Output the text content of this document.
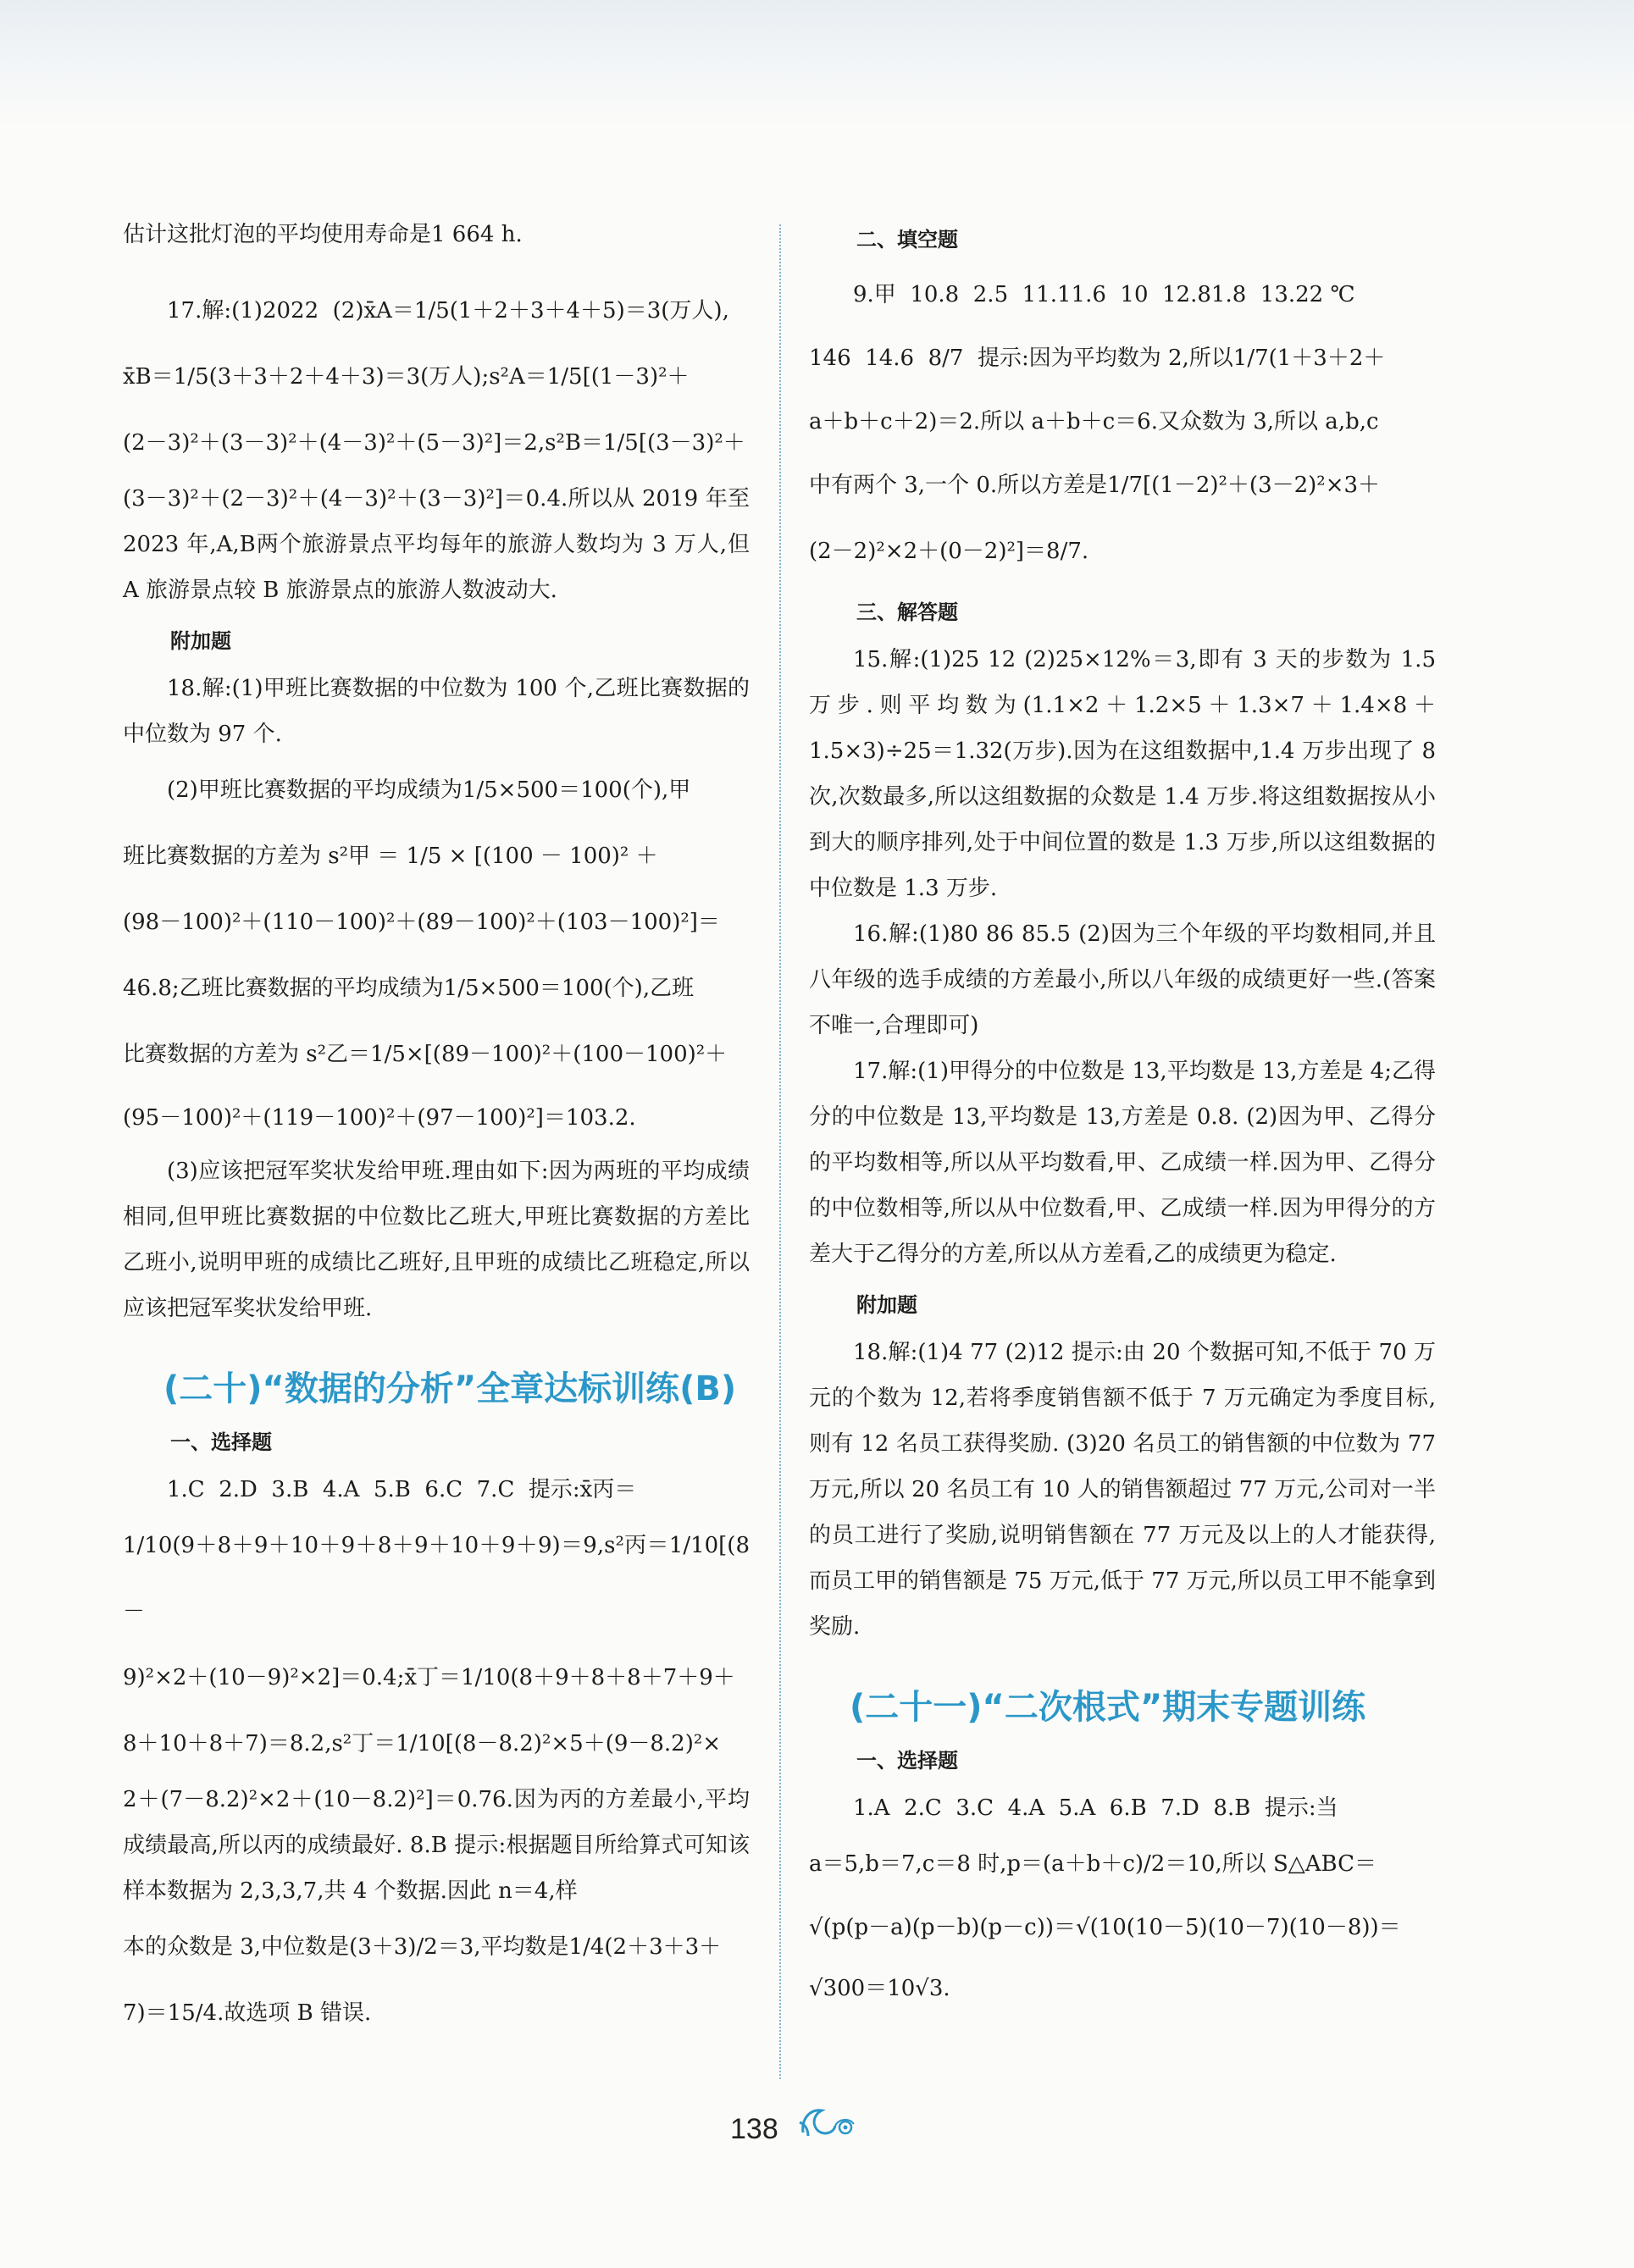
估计这批灯泡的平均使用寿命是1 664 h.

17.解:(1)2022  (2)x̄A＝1/5(1＋2＋3＋4＋5)＝3(万人),

x̄B＝1/5(3＋3＋2＋4＋3)＝3(万人);s²A＝1/5[(1－3)²＋

(2－3)²＋(3－3)²＋(4－3)²＋(5－3)²]＝2,s²B＝1/5[(3－3)²＋

(3－3)²＋(2－3)²＋(4－3)²＋(3－3)²]＝0.4.所以从 2019 年至 2023 年,A,B两个旅游景点平均每年的旅游人数均为 3 万人,但 A 旅游景点较 B 旅游景点的旅游人数波动大.

附加题

18.解:(1)甲班比赛数据的中位数为 100 个,乙班比赛数据的中位数为 97 个.

(2)甲班比赛数据的平均成绩为1/5×500＝100(个),甲

班比赛数据的方差为 s²甲 ＝ 1/5 × [(100 － 100)² ＋

(98－100)²＋(110－100)²＋(89－100)²＋(103－100)²]＝

46.8;乙班比赛数据的平均成绩为1/5×500＝100(个),乙班

比赛数据的方差为 s²乙＝1/5×[(89－100)²＋(100－100)²＋

(95－100)²＋(119－100)²＋(97－100)²]＝103.2.

(3)应该把冠军奖状发给甲班.理由如下:因为两班的平均成绩相同,但甲班比赛数据的中位数比乙班大,甲班比赛数据的方差比乙班小,说明甲班的成绩比乙班好,且甲班的成绩比乙班稳定,所以应该把冠军奖状发给甲班.

(二十)“数据的分析”全章达标训练(B)
一、选择题

1.C  2.D  3.B  4.A  5.B  6.C  7.C  提示:x̄丙＝

1/10(9＋8＋9＋10＋9＋8＋9＋10＋9＋9)＝9,s²丙＝1/10[(8－

9)²×2＋(10－9)²×2]＝0.4;x̄丁＝1/10(8＋9＋8＋8＋7＋9＋

8＋10＋8＋7)＝8.2,s²丁＝1/10[(8－8.2)²×5＋(9－8.2)²×

2＋(7－8.2)²×2＋(10－8.2)²]＝0.76.因为丙的方差最小,平均成绩最高,所以丙的成绩最好. 8.B 提示:根据题目所给算式可知该样本数据为 2,3,3,7,共 4 个数据.因此 n＝4,样

本的众数是 3,中位数是(3＋3)/2＝3,平均数是1/4(2＋3＋3＋

7)＝15/4.故选项 B 错误.

二、填空题

9.甲  10.8  2.5  11.11.6  10  12.81.8  13.22 ℃

146  14.6  8/7  提示:因为平均数为 2,所以1/7(1＋3＋2＋

a＋b＋c＋2)＝2.所以 a＋b＋c＝6.又众数为 3,所以 a,b,c

中有两个 3,一个 0.所以方差是1/7[(1－2)²＋(3－2)²×3＋

(2－2)²×2＋(0－2)²]＝8/7.

三、解答题

15.解:(1)25 12 (2)25×12%＝3,即有 3 天的步数为 1.5 万步.则平均数为(1.1×2＋1.2×5＋1.3×7＋1.4×8＋1.5×3)÷25＝1.32(万步).因为在这组数据中,1.4 万步出现了 8 次,次数最多,所以这组数据的众数是 1.4 万步.将这组数据按从小到大的顺序排列,处于中间位置的数是 1.3 万步,所以这组数据的中位数是 1.3 万步.

16.解:(1)80 86 85.5 (2)因为三个年级的平均数相同,并且八年级的选手成绩的方差最小,所以八年级的成绩更好一些.(答案不唯一,合理即可)

17.解:(1)甲得分的中位数是 13,平均数是 13,方差是 4;乙得分的中位数是 13,平均数是 13,方差是 0.8. (2)因为甲、乙得分的平均数相等,所以从平均数看,甲、乙成绩一样.因为甲、乙得分的中位数相等,所以从中位数看,甲、乙成绩一样.因为甲得分的方差大于乙得分的方差,所以从方差看,乙的成绩更为稳定.

附加题

18.解:(1)4 77 (2)12 提示:由 20 个数据可知,不低于 70 万元的个数为 12,若将季度销售额不低于 7 万元确定为季度目标,则有 12 名员工获得奖励. (3)20 名员工的销售额的中位数为 77 万元,所以 20 名员工有 10 人的销售额超过 77 万元,公司对一半的员工进行了奖励,说明销售额在 77 万元及以上的人才能获得,而员工甲的销售额是 75 万元,低于 77 万元,所以员工甲不能拿到奖励.

(二十一)“二次根式”期末专题训练
一、选择题

1.A  2.C  3.C  4.A  5.A  6.B  7.D  8.B  提示:当

a＝5,b＝7,c＝8 时,p＝(a＋b＋c)/2＝10,所以 S△ABC＝

√(p(p－a)(p－b)(p－c))＝√(10(10－5)(10－7)(10－8))＝

√300＝10√3.

138
